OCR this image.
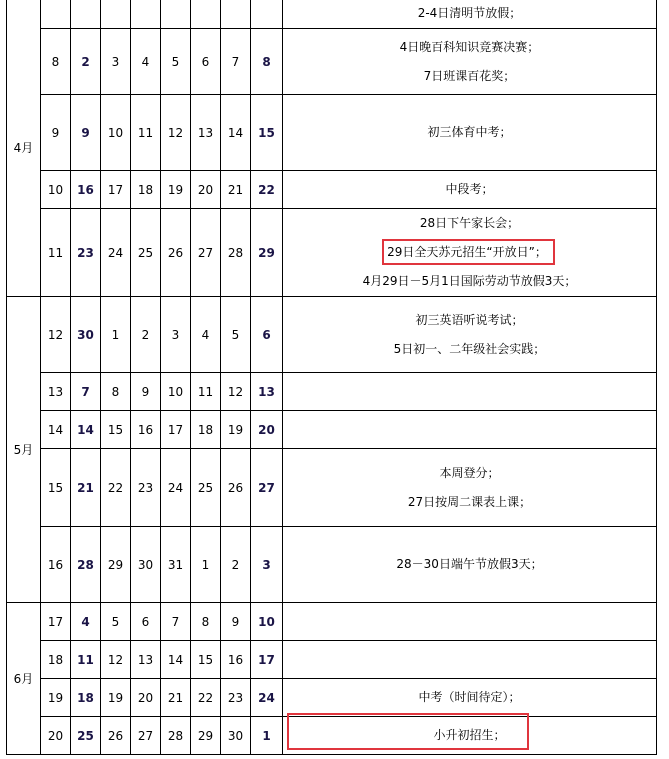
4月									2-4日清明节放假；

	8	2	3	4	5	6	7	8	4日晚百科知识竞赛决赛；
7日班课百花奖；

	9	9	10	11	12	13	14	15	初三体育中考；

	10	16	17	18	19	20	21	22	中段考；

	11	23	24	25	26	27	28	29	28日下午家长会；
29日全天苏元招生“开放日”；
4月29日－5月1日国际劳动节放假3天；

5月	12	30	1	2	3	4	5	6	初三英语听说考试；
5日初一、二年级社会实践；

	13	7	8	9	10	11	12	13	

	14	14	15	16	17	18	19	20	

	15	21	22	23	24	25	26	27	本周登分；
27日按周二课表上课；

	16	28	29	30	31	1	2	3	28－30日端午节放假3天；

6月	17	4	5	6	7	8	9	10	

	18	11	12	13	14	15	16	17	

	19	18	19	20	21	22	23	24	中考（时间待定）；

	20	25	26	27	28	29	30	1	小升初招生；
